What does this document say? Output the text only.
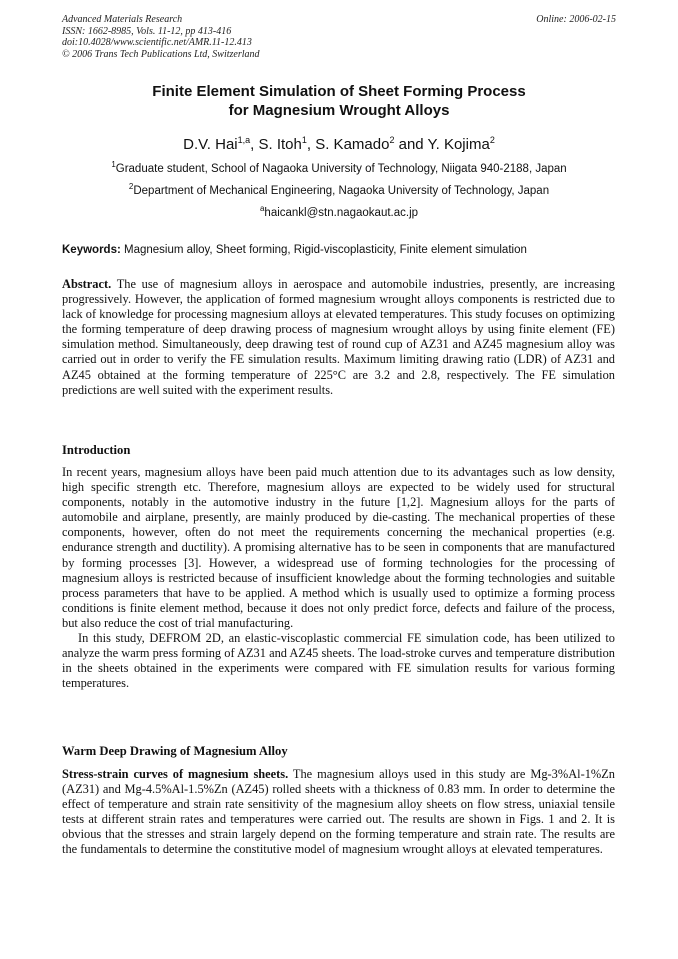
Advanced Materials Research
ISSN: 1662-8985, Vols. 11-12, pp 413-416
doi:10.4028/www.scientific.net/AMR.11-12.413
© 2006 Trans Tech Publications Ltd, Switzerland
Online: 2006-02-15
Finite Element Simulation of Sheet Forming Process
for Magnesium Wrought Alloys
D.V. Hai$^{1,a}$, S. Itoh$^1$, S. Kamado$^2$ and Y. Kojima$^2$
$^1$Graduate student, School of Nagaoka University of Technology, Niigata 940-2188, Japan
$^2$Department of Mechanical Engineering, Nagaoka University of Technology, Japan
$^a$haicankl@stn.nagaokaut.ac.jp
Keywords: Magnesium alloy, Sheet forming, Rigid-viscoplasticity, Finite element simulation
Abstract. The use of magnesium alloys in aerospace and automobile industries, presently, are increasing progressively. However, the application of formed magnesium wrought alloys components is restricted due to lack of knowledge for processing magnesium alloys at elevated temperatures. This study focuses on optimizing the forming temperature of deep drawing process of magnesium wrought alloys by using finite element (FE) simulation method. Simultaneously, deep drawing test of round cup of AZ31 and AZ45 magnesium alloy was carried out in order to verify the FE simulation results. Maximum limiting drawing ratio (LDR) of AZ31 and AZ45 obtained at the forming temperature of 225°C are 3.2 and 2.8, respectively. The FE simulation predictions are well suited with the experiment results.
Introduction
In recent years, magnesium alloys have been paid much attention due to its advantages such as low density, high specific strength etc. Therefore, magnesium alloys are expected to be widely used for structural components, notably in the automotive industry in the future [1,2]. Magnesium alloys for the parts of automobile and airplane, presently, are mainly produced by die-casting. The mechanical properties of these components, however, often do not meet the requirements concerning the mechanical properties (e.g. endurance strength and ductility). A promising alternative has to be seen in components that are manufactured by forming processes [3]. However, a widespread use of forming technologies for the processing of magnesium alloys is restricted because of insufficient knowledge about the forming technologies and suitable process parameters that have to be applied. A method which is usually used to optimize a forming process conditions is finite element method, because it does not only predict force, defects and failure of the process, but also reduce the cost of trial manufacturing.
In this study, DEFROM 2D, an elastic-viscoplastic commercial FE simulation code, has been utilized to analyze the warm press forming of AZ31 and AZ45 sheets. The load-stroke curves and temperature distribution in the sheets obtained in the experiments were compared with FE simulation results for various forming temperatures.
Warm Deep Drawing of Magnesium Alloy
Stress-strain curves of magnesium sheets. The magnesium alloys used in this study are Mg-3%Al-1%Zn (AZ31) and Mg-4.5%Al-1.5%Zn (AZ45) rolled sheets with a thickness of 0.83 mm. In order to determine the effect of temperature and strain rate sensitivity of the magnesium alloy sheets on flow stress, uniaxial tensile tests at different strain rates and temperatures were carried out. The results are shown in Figs. 1 and 2. It is obvious that the stresses and strain largely depend on the forming temperature and strain rate. The results are the fundamentals to determine the constitutive model of magnesium wrought alloys at elevated temperatures.
